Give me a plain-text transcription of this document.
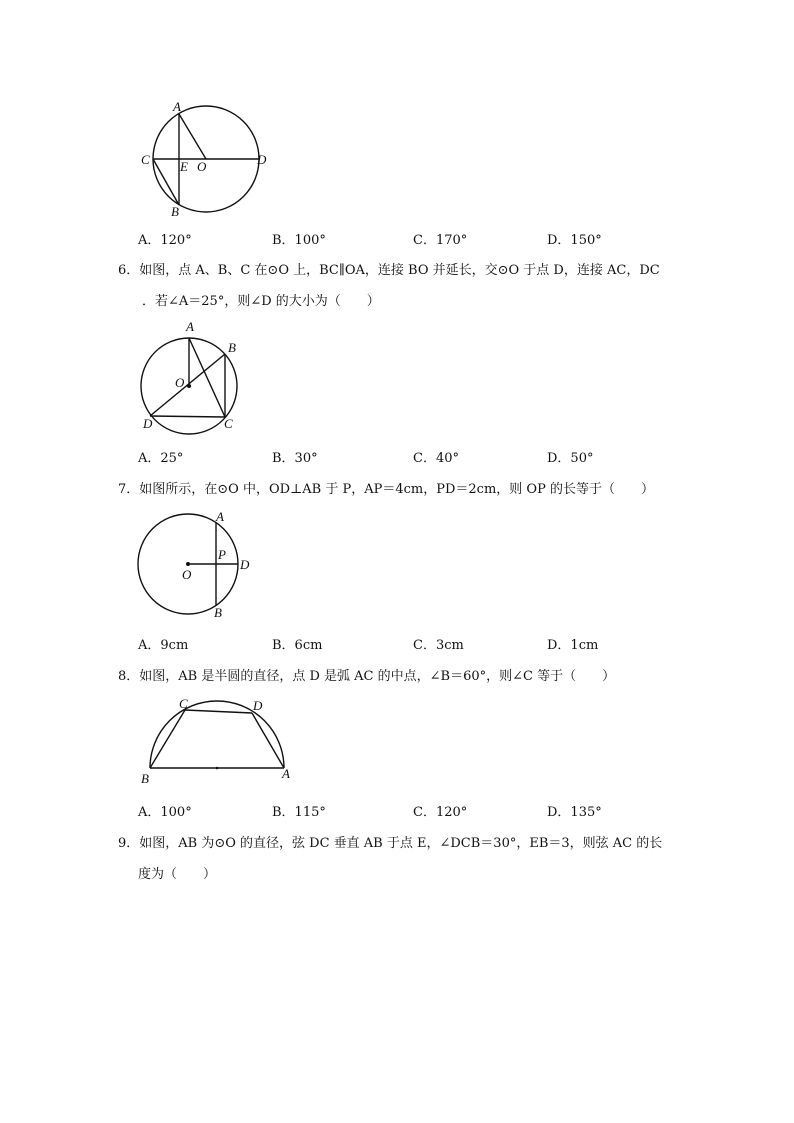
A
C E O	D
B
A．120°	B．100°	C．170°	D．150°
6．如图，点 A、B、C 在⊙O 上，BC∥OA，连接 BO 并延长，交⊙O 于点 D，连接 AC，DC
．若∠A＝25°，则∠D 的大小为（　　）
A
B
O
D	C
A．25°	B．30°	C．40°	D．50°
7．如图所示，在⊙O 中，OD⊥AB 于 P，AP＝4cm，PD＝2cm，则 OP 的长等于（　　）
A
P
D
O
B
A．9cm	B．6cm	C．3cm	D．1cm
8．如图，AB 是半圆的直径，点 D 是弧 AC 的中点，∠B＝60°，则∠C 等于（　　）
C	D
B	A
A．100°	B．115°	C．120°	D．135°
9．如图，AB 为⊙O 的直径，弦 DC 垂直 AB 于点 E，∠DCB＝30°，EB＝3，则弦 AC 的长
度为（　　）
